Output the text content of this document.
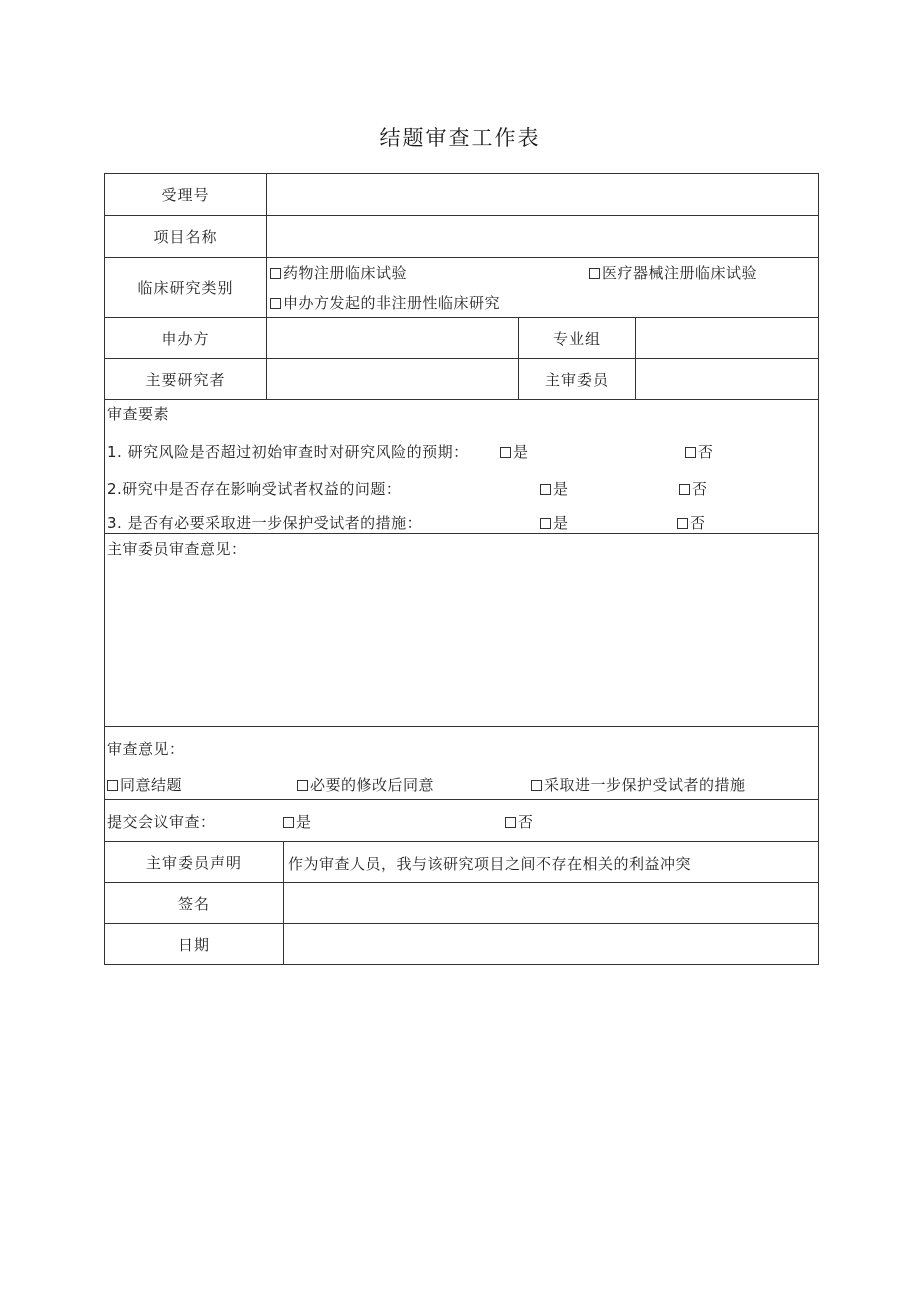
结题审查工作表
受理号
项目名称
临床研究类别
药物注册临床试验	医疗器械注册临床试验
申办方发起的非注册性临床研究
申办方	专业组
主要研究者	主审委员
审查要素
1. 研究风险是否超过初始审查时对研究风险的预期：	是	否
2.研究中是否存在影响受试者权益的问题：	是	否
3. 是否有必要采取进一步保护受试者的措施：	是	否
主审委员审查意见：
审查意见：
同意结题	必要的修改后同意	采取进一步保护受试者的措施
提交会议审查：	是	否
主审委员声明	作为审查人员，我与该研究项目之间不存在相关的利益冲突
签名
日期
